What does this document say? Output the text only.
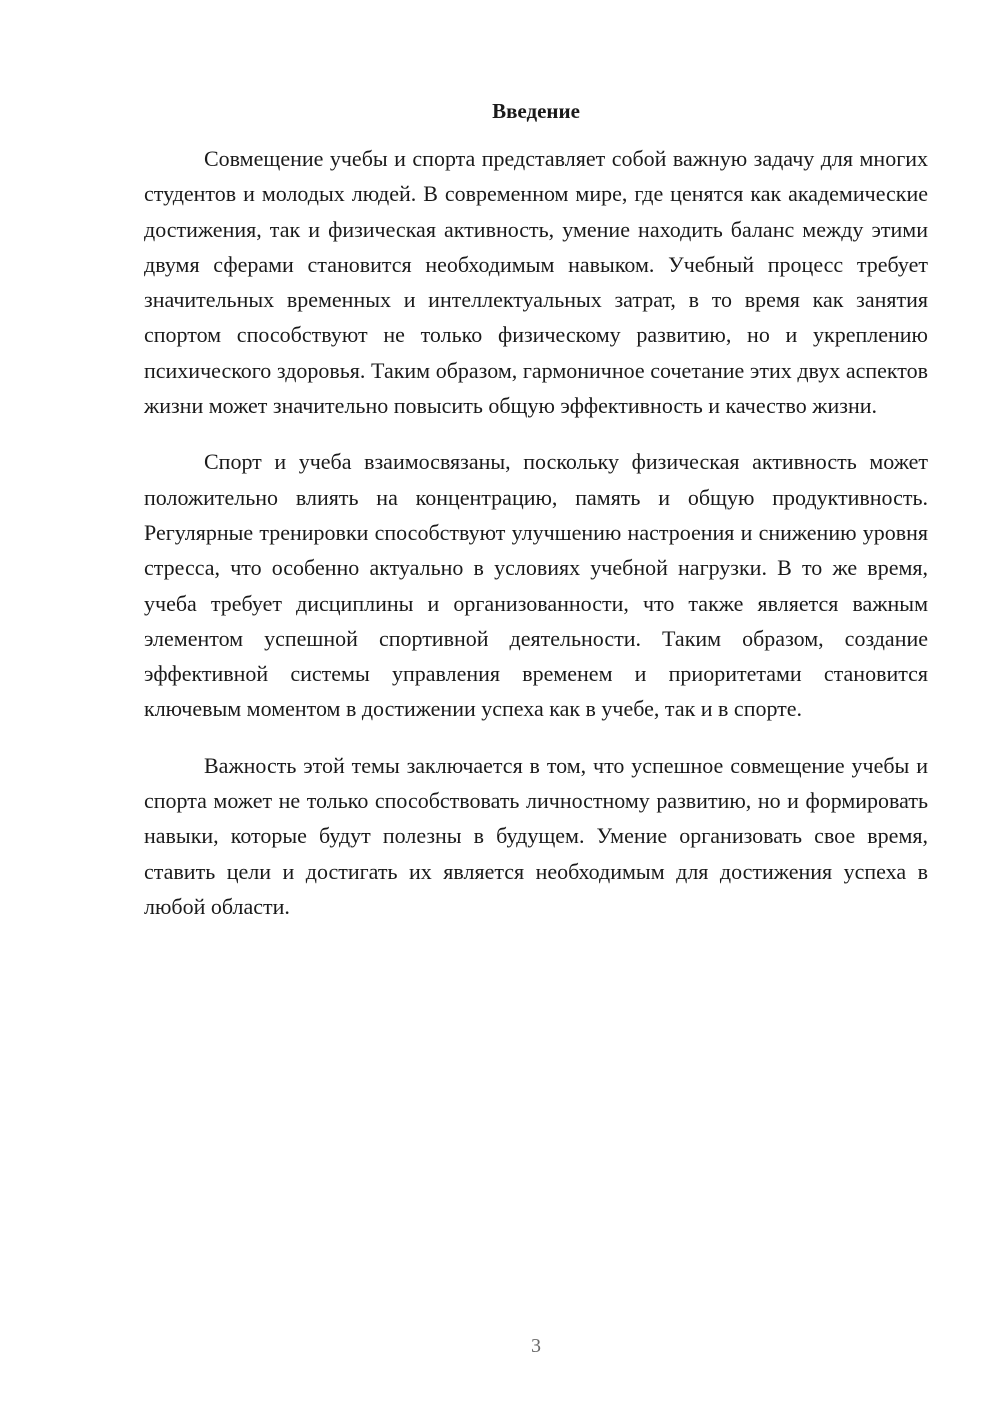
Введение

Совмещение учебы и спорта представляет собой важную задачу для многих студентов и молодых людей. В современном мире, где ценятся как академические достижения, так и физическая активность, умение находить баланс между этими двумя сферами становится необходимым навыком. Учебный процесс требует значительных временных и интеллектуальных затрат, в то время как занятия спортом способствуют не только физическому развитию, но и укреплению психического здоровья. Таким образом, гармоничное сочетание этих двух аспектов жизни может значительно повысить общую эффективность и качество жизни.

Спорт и учеба взаимосвязаны, поскольку физическая активность может положительно влиять на концентрацию, память и общую продуктивность. Регулярные тренировки способствуют улучшению настроения и снижению уровня стресса, что особенно актуально в условиях учебной нагрузки. В то же время, учеба требует дисциплины и организованности, что также является важным элементом успешной спортивной деятельности. Таким образом, создание эффективной системы управления временем и приоритетами становится ключевым моментом в достижении успеха как в учебе, так и в спорте.

Важность этой темы заключается в том, что успешное совмещение учебы и спорта может не только способствовать личностному развитию, но и формировать навыки, которые будут полезны в будущем. Умение организовать свое время, ставить цели и достигать их является необходимым для достижения успеха в любой области.

3
